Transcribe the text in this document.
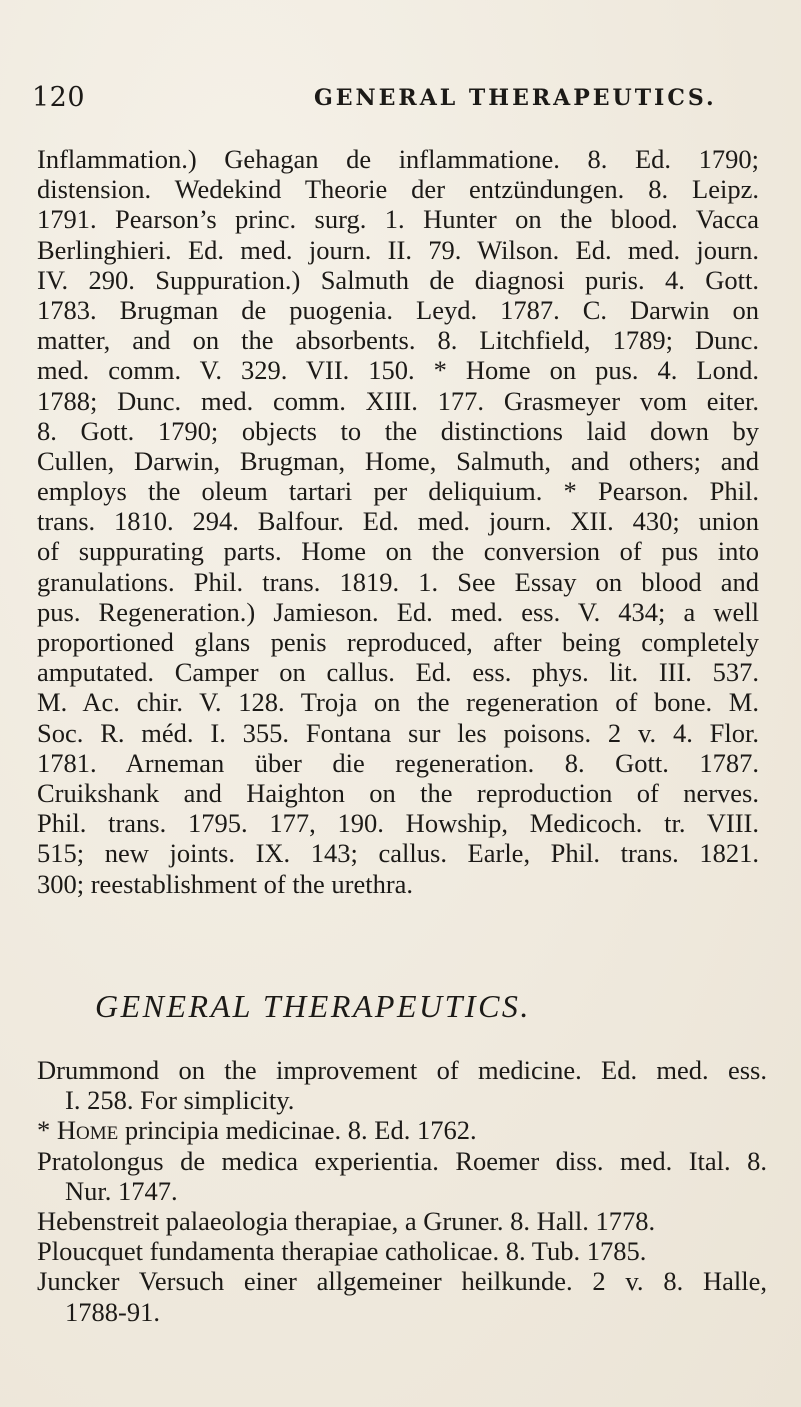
120	GENERAL THERAPEUTICS.
Inflammation.) Gehagan de inflammatione. 8. Ed. 1790;
distension. Wedekind Theorie der entzündungen. 8. Leipz.
1791. Pearson’s princ. surg. 1. Hunter on the blood. Vacca
Berlinghieri. Ed. med. journ. II. 79. Wilson. Ed. med. journ.
IV. 290. Suppuration.) Salmuth de diagnosi puris. 4. Gott.
1783. Brugman de puogenia. Leyd. 1787. C. Darwin on
matter, and on the absorbents. 8. Litchfield, 1789; Dunc.
med. comm. V. 329. VII. 150. * Home on pus. 4. Lond.
1788; Dunc. med. comm. XIII. 177. Grasmeyer vom eiter.
8. Gott. 1790; objects to the distinctions laid down by
Cullen, Darwin, Brugman, Home, Salmuth, and others; and
employs the oleum tartari per deliquium. * Pearson. Phil.
trans. 1810. 294. Balfour. Ed. med. journ. XII. 430; union
of suppurating parts. Home on the conversion of pus into
granulations. Phil. trans. 1819. 1. See Essay on blood and
pus. Regeneration.) Jamieson. Ed. med. ess. V. 434; a well
proportioned glans penis reproduced, after being completely
amputated. Camper on callus. Ed. ess. phys. lit. III. 537.
M. Ac. chir. V. 128. Troja on the regeneration of bone. M.
Soc. R. méd. I. 355. Fontana sur les poisons. 2 v. 4. Flor.
1781. Arneman über die regeneration. 8. Gott. 1787.
Cruikshank and Haighton on the reproduction of nerves.
Phil. trans. 1795. 177, 190. Howship, Medicoch. tr. VIII.
515; new joints. IX. 143; callus. Earle, Phil. trans. 1821.
300; reestablishment of the urethra.
GENERAL THERAPEUTICS.
Drummond on the improvement of medicine. Ed. med. ess.
I. 258. For simplicity.
* Home principia medicinae. 8. Ed. 1762.
Pratolongus de medica experientia. Roemer diss. med. Ital. 8.
Nur. 1747.
Hebenstreit palaeologia therapiae, a Gruner. 8. Hall. 1778.
Ploucquet fundamenta therapiae catholicae. 8. Tub. 1785.
Juncker Versuch einer allgemeiner heilkunde. 2 v. 8. Halle,
1788-91.
